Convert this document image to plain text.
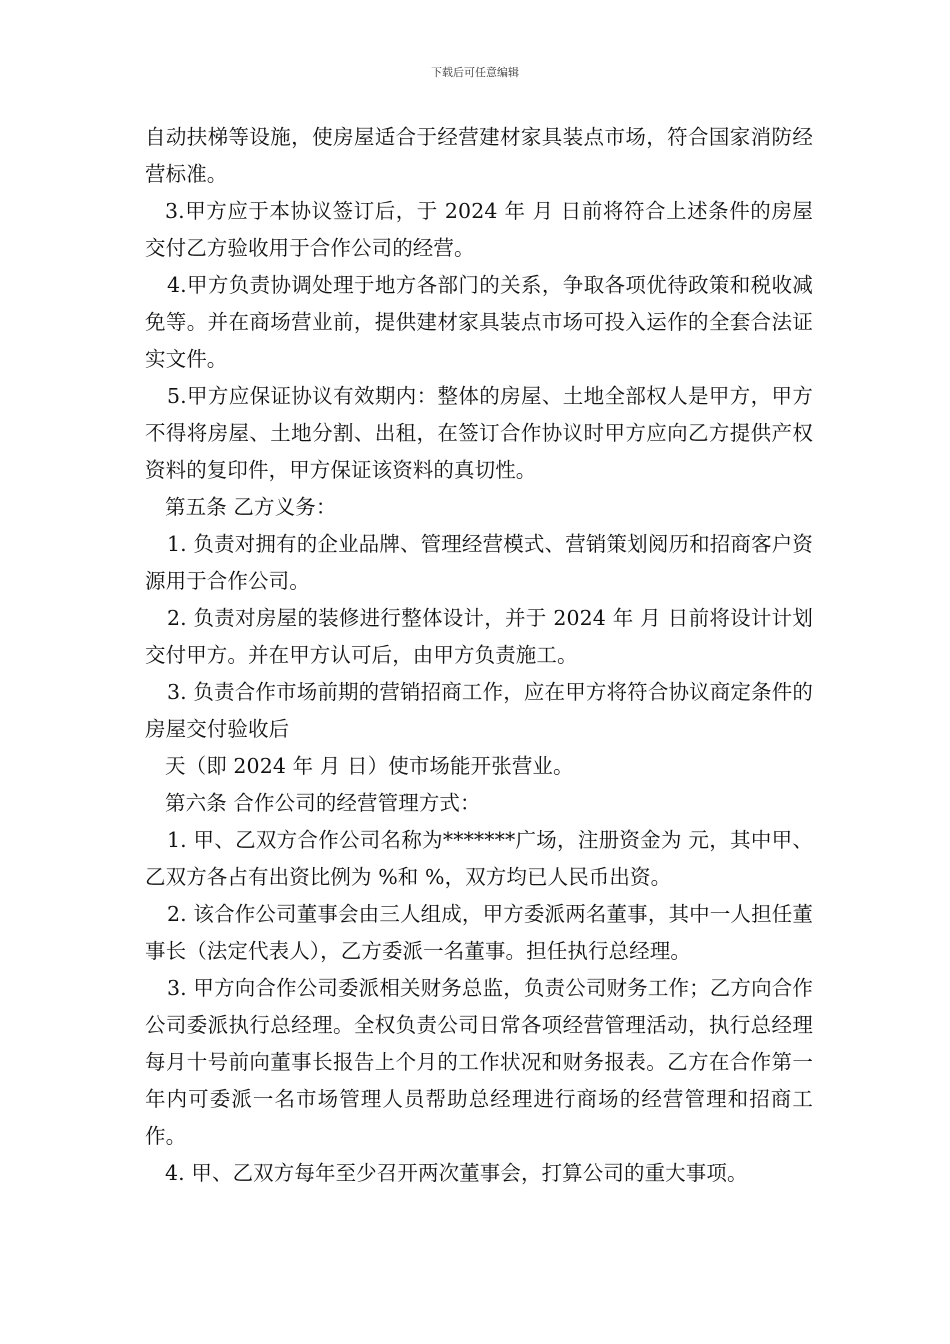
下载后可任意编辑

自动扶梯等设施，使房屋适合于经营建材家具装点市场，符合国家消防经营标准。

3.甲方应于本协议签订后，于 2024 年 月 日前将符合上述条件的房屋交付乙方验收用于合作公司的经营。

4.甲方负责协调处理于地方各部门的关系，争取各项优待政策和税收减免等。并在商场营业前，提供建材家具装点市场可投入运作的全套合法证实文件。

5.甲方应保证协议有效期内：整体的房屋、土地全部权人是甲方，甲方不得将房屋、土地分割、出租，在签订合作协议时甲方应向乙方提供产权资料的复印件，甲方保证该资料的真切性。

第五条 乙方义务：

1. 负责对拥有的企业品牌、管理经营模式、营销策划阅历和招商客户资源用于合作公司。

2. 负责对房屋的装修进行整体设计，并于 2024 年 月 日前将设计计划交付甲方。并在甲方认可后，由甲方负责施工。

3. 负责合作市场前期的营销招商工作，应在甲方将符合协议商定条件的房屋交付验收后

天（即 2024 年 月 日）使市场能开张营业。

第六条 合作公司的经营管理方式：

1. 甲、乙双方合作公司名称为*******广场，注册资金为 元，其中甲、乙双方各占有出资比例为 %和 %，双方均已人民币出资。

2. 该合作公司董事会由三人组成，甲方委派两名董事，其中一人担任董事长（法定代表人），乙方委派一名董事。担任执行总经理。

3. 甲方向合作公司委派相关财务总监，负责公司财务工作；乙方向合作公司委派执行总经理。全权负责公司日常各项经营管理活动，执行总经理每月十号前向董事长报告上个月的工作状况和财务报表。乙方在合作第一年内可委派一名市场管理人员帮助总经理进行商场的经营管理和招商工作。

4. 甲、乙双方每年至少召开两次董事会，打算公司的重大事项。
